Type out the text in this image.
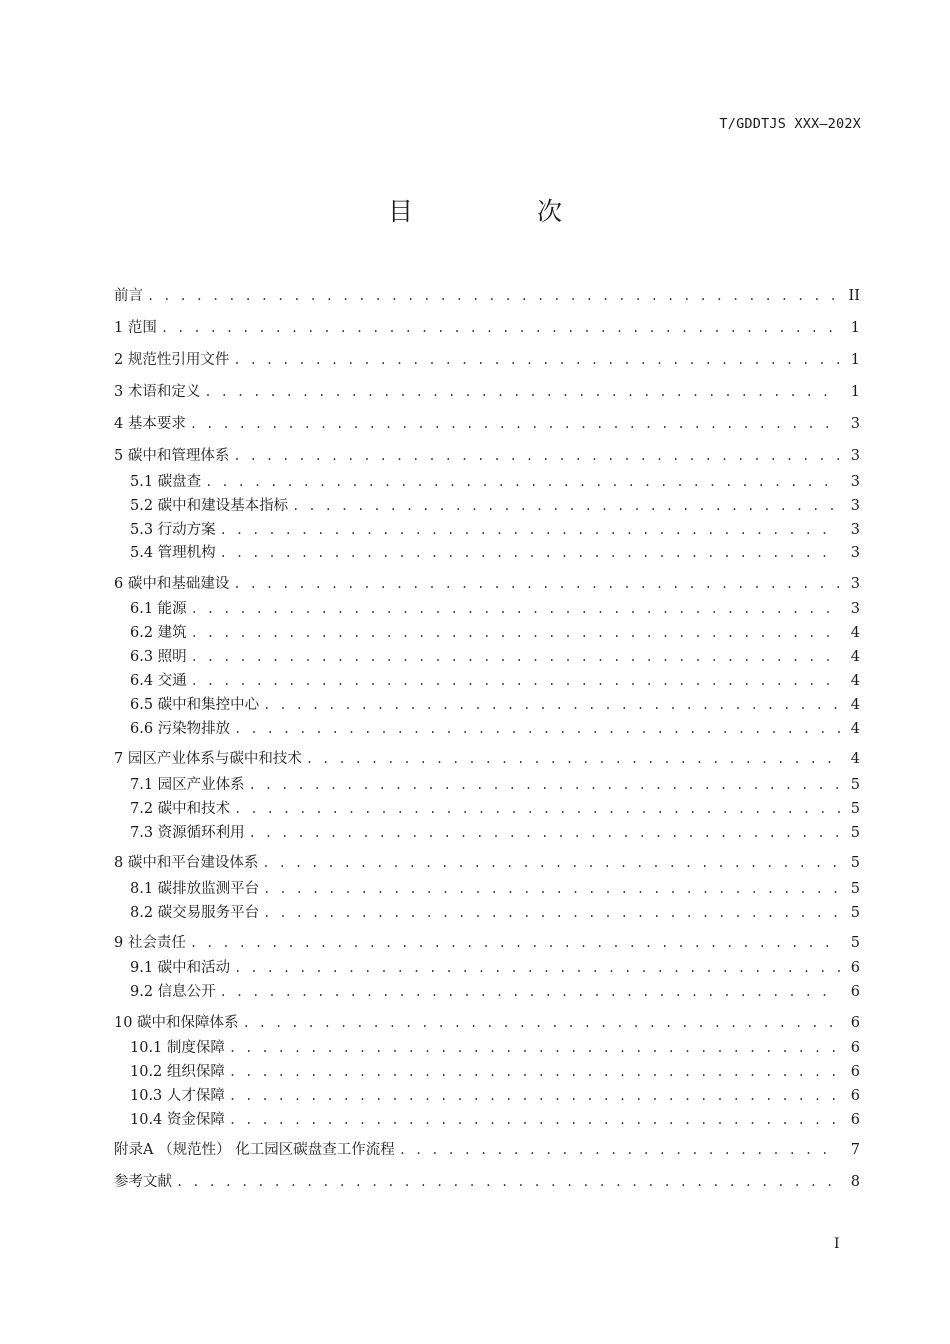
T/GDDTJS XXX—202X
目 次
前言 . . .	II
1 范围 . . .	1
2 规范性引用文件 . . .	1
3 术语和定义 . . .	1
4 基本要求 . . .	3
5 碳中和管理体系 . . .	3
5.1 碳盘查 . . .	3
5.2 碳中和建设基本指标 . . .	3
5.3 行动方案 . . .	3
5.4 管理机构 . . .	3
6 碳中和基础建设 . . .	3
6.1 能源 . . .	3
6.2 建筑 . . .	4
6.3 照明 . . .	4
6.4 交通 . . .	4
6.5 碳中和集控中心 . . .	4
6.6 污染物排放 . . .	4
7 园区产业体系与碳中和技术 . . .	4
7.1 园区产业体系 . . .	5
7.2 碳中和技术 . . .	5
7.3 资源循环利用 . . .	5
8 碳中和平台建设体系 . . .	5
8.1 碳排放监测平台 . . .	5
8.2 碳交易服务平台 . . .	5
9 社会责任 . . .	5
9.1 碳中和活动 . . .	6
9.2 信息公开 . . .	6
10 碳中和保障体系 . . .	6
10.1 制度保障 . . .	6
10.2 组织保障 . . .	6
10.3 人才保障 . . .	6
10.4 资金保障 . . .	6
附录A （规范性） 化工园区碳盘查工作流程 . . .	7
参考文献 . . .	8
I
